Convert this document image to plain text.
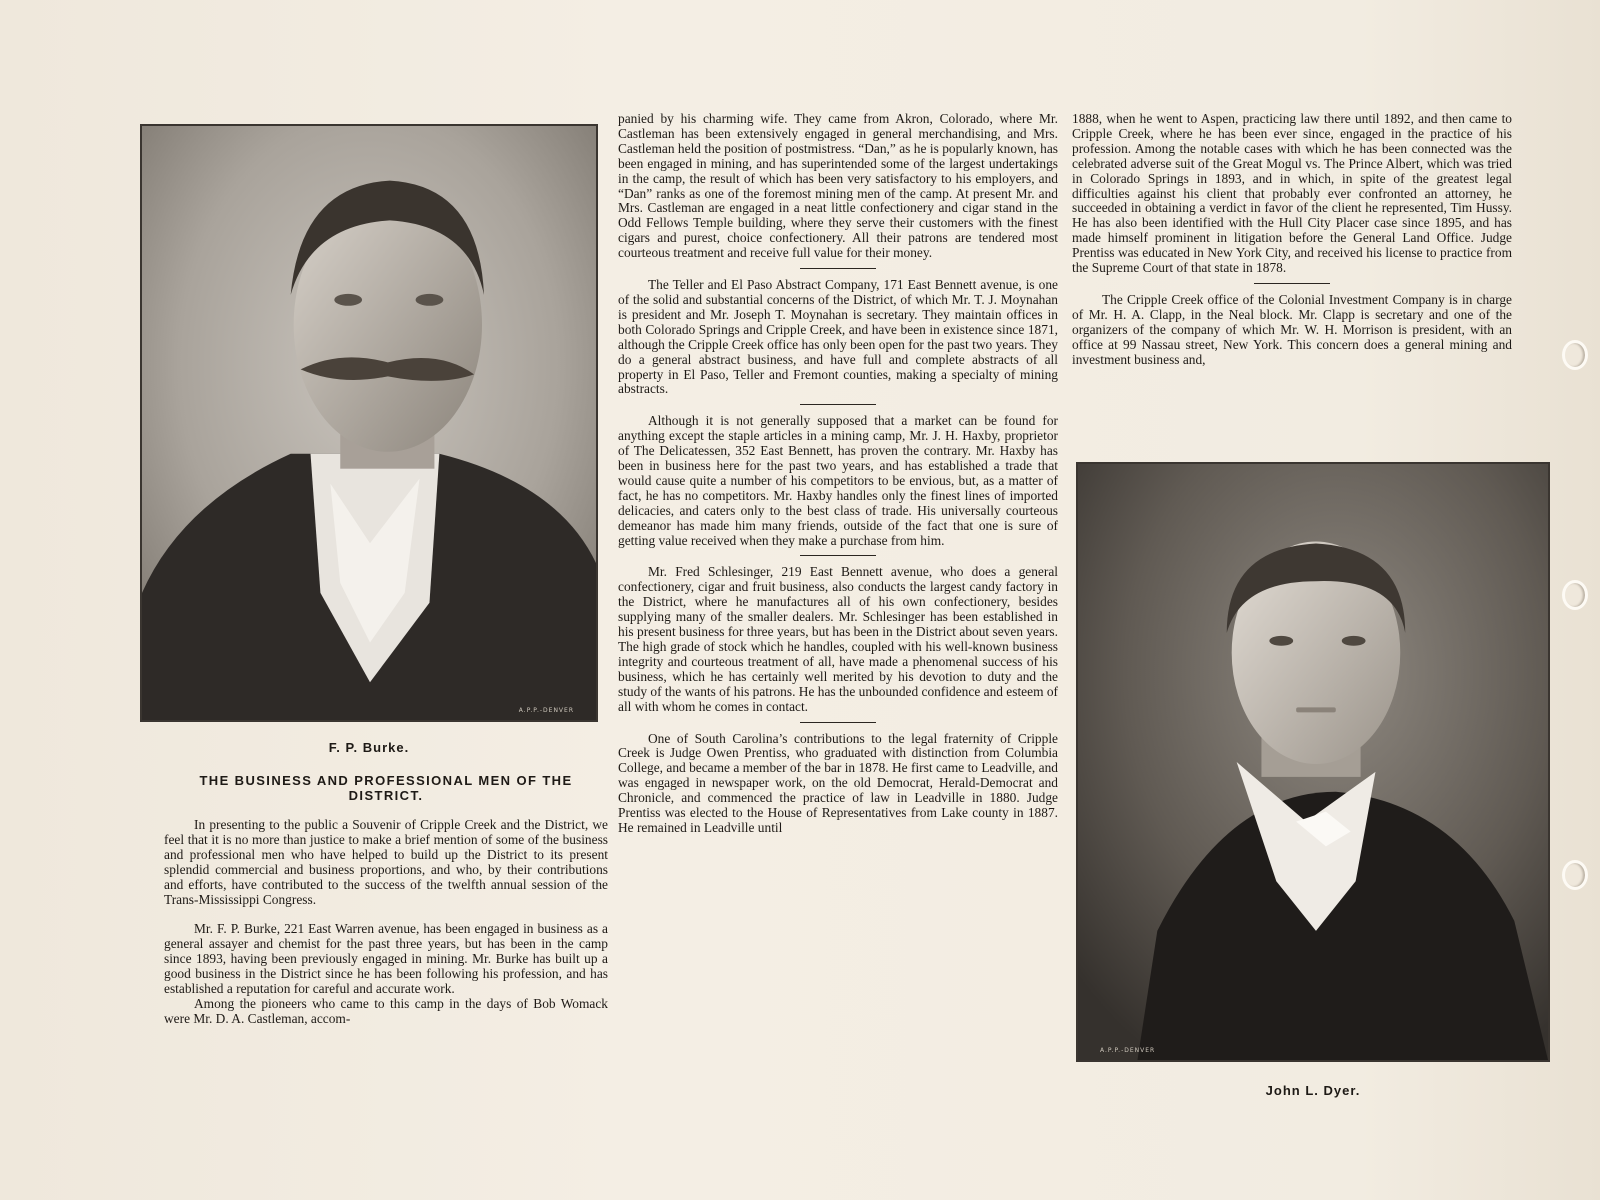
A.P.P.-DENVER
F. P. Burke.
THE BUSINESS AND PROFESSIONAL MEN OF THE DISTRICT.

In presenting to the public a Souvenir of Cripple Creek and the District, we feel that it is no more than justice to make a brief mention of some of the business and professional men who have helped to build up the District to its present splendid commercial and business proportions, and who, by their contributions and efforts, have contributed to the success of the twelfth annual session of the Trans-Mississippi Congress.

Mr. F. P. Burke, 221 East Warren avenue, has been engaged in business as a general assayer and chemist for the past three years, but has been in the camp since 1893, having been previously engaged in mining. Mr. Burke has built up a good business in the District since he has been following his profession, and has established a reputation for careful and accurate work.

Among the pioneers who came to this camp in the days of Bob Womack were Mr. D. A. Castleman, accom-

panied by his charming wife. They came from Akron, Colorado, where Mr. Castleman has been extensively engaged in general merchandising, and Mrs. Castleman held the position of postmistress. “Dan,” as he is popularly known, has been engaged in mining, and has superintended some of the largest undertakings in the camp, the result of which has been very satisfactory to his employers, and “Dan” ranks as one of the foremost mining men of the camp. At present Mr. and Mrs. Castleman are engaged in a neat little confectionery and cigar stand in the Odd Fellows Temple building, where they serve their customers with the finest cigars and purest, choice confectionery. All their patrons are tendered most courteous treatment and receive full value for their money.

The Teller and El Paso Abstract Company, 171 East Bennett avenue, is one of the solid and substantial concerns of the District, of which Mr. T. J. Moynahan is president and Mr. Joseph T. Moynahan is secretary. They maintain offices in both Colorado Springs and Cripple Creek, and have been in existence since 1871, although the Cripple Creek office has only been open for the past two years. They do a general abstract business, and have full and complete abstracts of all property in El Paso, Teller and Fremont counties, making a specialty of mining abstracts.

Although it is not generally supposed that a market can be found for anything except the staple articles in a mining camp, Mr. J. H. Haxby, proprietor of The Delicatessen, 352 East Bennett, has proven the contrary. Mr. Haxby has been in business here for the past two years, and has established a trade that would cause quite a number of his competitors to be envious, but, as a matter of fact, he has no competitors. Mr. Haxby handles only the finest lines of imported delicacies, and caters only to the best class of trade. His universally courteous demeanor has made him many friends, outside of the fact that one is sure of getting value received when they make a purchase from him.

Mr. Fred Schlesinger, 219 East Bennett avenue, who does a general confectionery, cigar and fruit business, also conducts the largest candy factory in the District, where he manufactures all of his own confectionery, besides supplying many of the smaller dealers. Mr. Schlesinger has been established in his present business for three years, but has been in the District about seven years. The high grade of stock which he handles, coupled with his well-known business integrity and courteous treatment of all, have made a phenomenal success of his business, which he has certainly well merited by his devotion to duty and the study of the wants of his patrons. He has the unbounded confidence and esteem of all with whom he comes in contact.

One of South Carolina’s contributions to the legal fraternity of Cripple Creek is Judge Owen Prentiss, who graduated with distinction from Columbia College, and became a member of the bar in 1878. He first came to Leadville, and was engaged in newspaper work, on the old Democrat, Herald-Democrat and Chronicle, and commenced the practice of law in Leadville in 1880. Judge Prentiss was elected to the House of Representatives from Lake county in 1887. He remained in Leadville until

1888, when he went to Aspen, practicing law there until 1892, and then came to Cripple Creek, where he has been ever since, engaged in the practice of his profession. Among the notable cases with which he has been connected was the celebrated adverse suit of the Great Mogul vs. The Prince Albert, which was tried in Colorado Springs in 1893, and in which, in spite of the greatest legal difficulties against his client that probably ever confronted an attorney, he succeeded in obtaining a verdict in favor of the client he represented, Tim Hussy. He has also been identified with the Hull City Placer case since 1895, and has made himself prominent in litigation before the General Land Office. Judge Prentiss was educated in New York City, and received his license to practice from the Supreme Court of that state in 1878.

The Cripple Creek office of the Colonial Investment Company is in charge of Mr. H. A. Clapp, in the Neal block. Mr. Clapp is secretary and one of the organizers of the company of which Mr. W. H. Morrison is president, with an office at 99 Nassau street, New York. This concern does a general mining and investment business and,

A.P.P.-DENVER
John L. Dyer.
